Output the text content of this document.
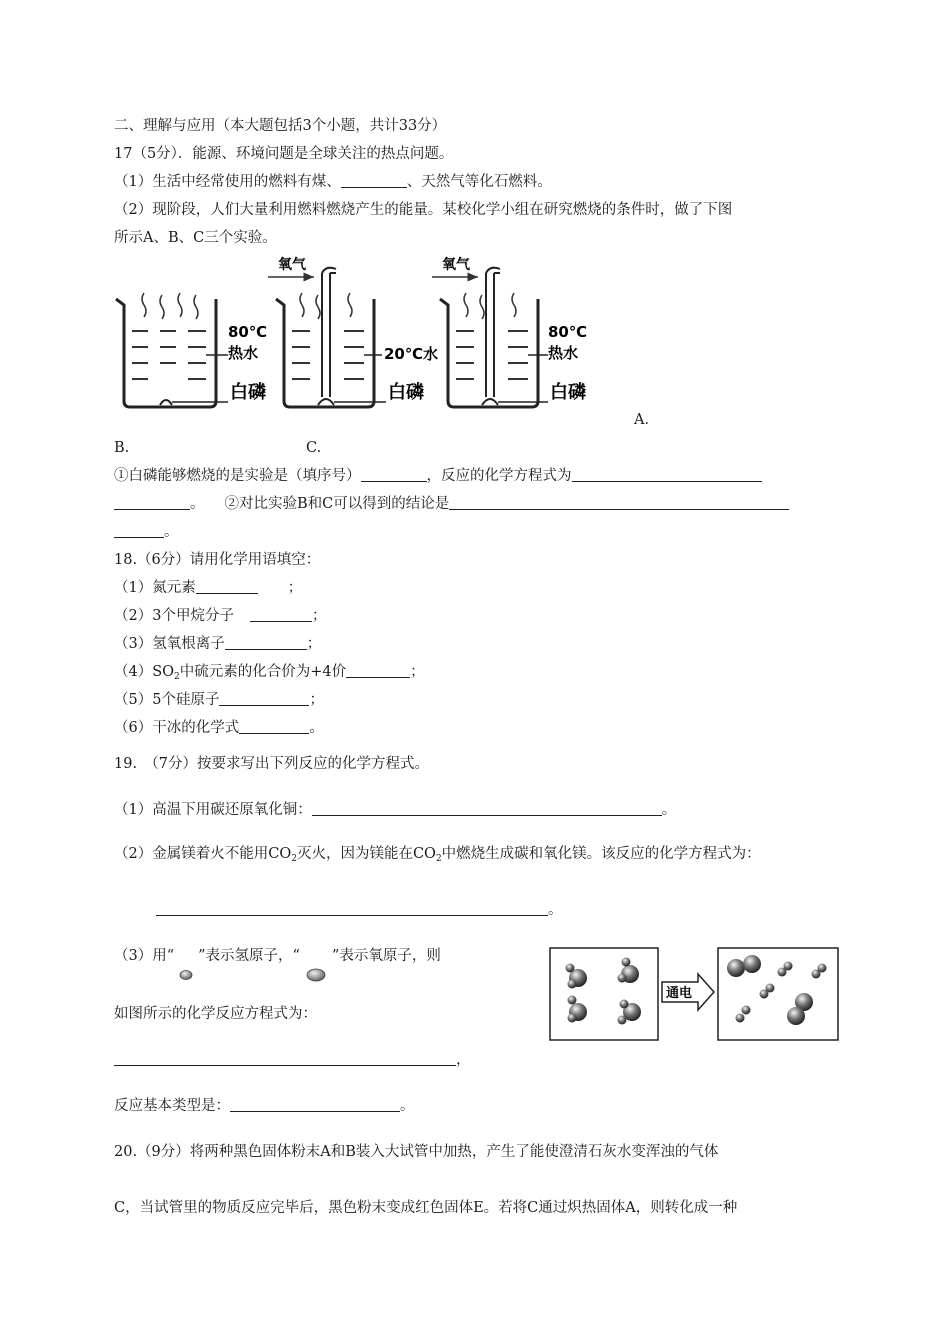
二、理解与应用（本大题包括3个小题，共计33分）
17（5分）．能源、环境问题是全球关注的热点问题。
（1）生活中经常使用的燃料有煤、	、天然气等化石燃料。
（2）现阶段，人们大量利用燃料燃烧产生的能量。某校化学小组在研究燃烧的条件时，做了下图
所示A、B、C三个实验。
80℃
热水
白磷
氧气
20℃水
白磷
氧气
80℃
热水
白磷
A．
B.	C.
①白磷能够燃烧的是实验是（填序号）	，反应的化学方程式为
。 ②对比实验B和C可以得到的结论是
。
18.（6分）请用化学用语填空：
（1）氮元素	；
（2）3个甲烷分子	；
（3）氢氧根离子	；
$(4)SO_2$中硫元素的化合价为+4价	；
（5）5个硅原子	；
（6）干冰的化学式	。
19.　（7分）按要求写出下列反应的化学方程式。
（1）高温下用碳还原氧化铜：	。
（2）金属镁着火不能用$CO_2$灭火，因为镁能在$CO_2$中燃烧生成碳和氧化镁。该反应的化学方程式为：
。
（3）用“ ”表示氢原子，“ ”表示氧原子，则
如图所示的化学反应方程式为：
，
反应基本类型是：	。
通电
20.（9分）将两种黑色固体粉末A和B装入大试管中加热，产生了能使澄清石灰水变浑浊的气体
C，当试管里的物质反应完毕后，黑色粉末变成红色固体E。若将C通过炽热固体A，则转化成一种
